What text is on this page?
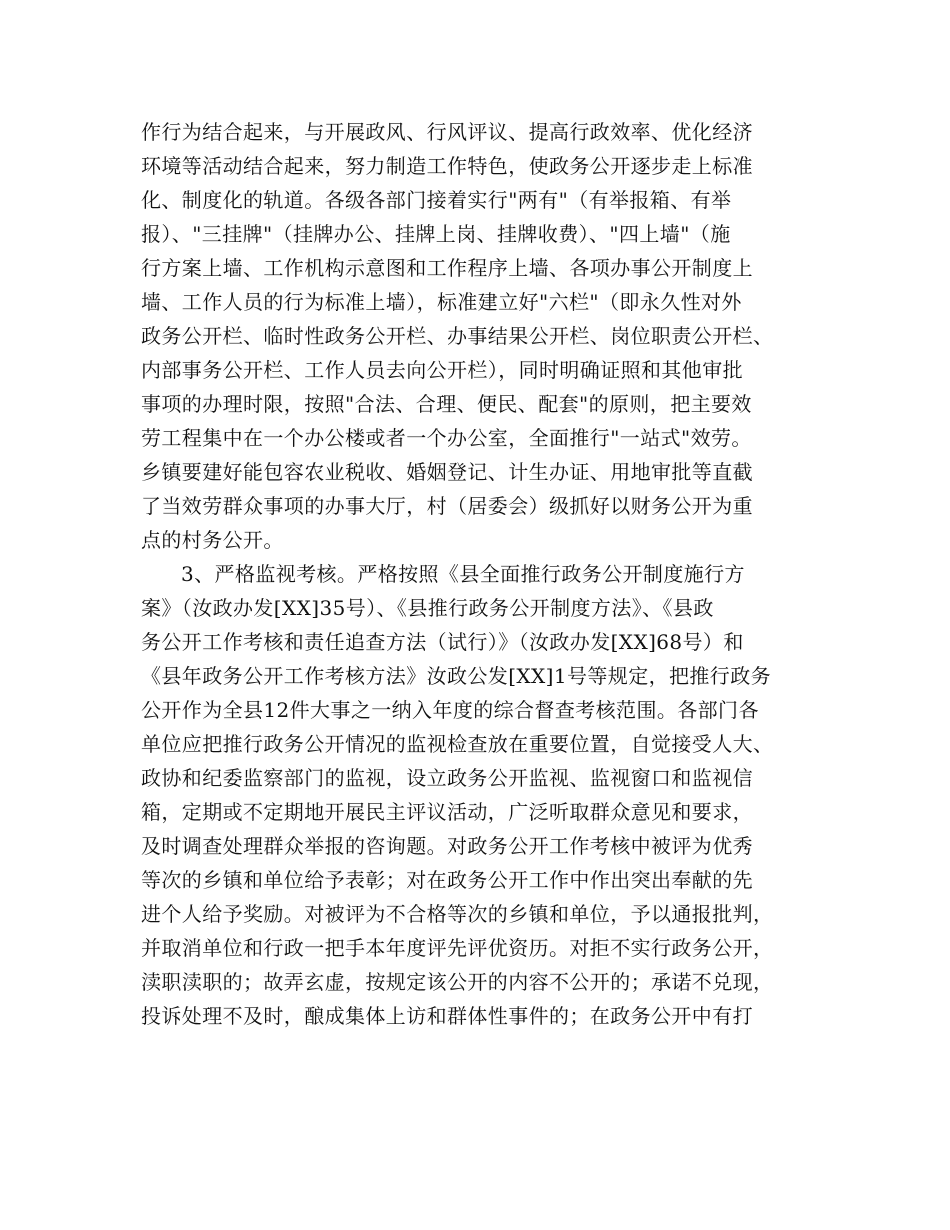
作行为结合起来，与开展政风、行风评议、提高行政效率、优化经济
环境等活动结合起来，努力制造工作特色，使政务公开逐步走上标准
化、制度化的轨道。各级各部门接着实行"两有"（有举报箱、有举
报）、"三挂牌"（挂牌办公、挂牌上岗、挂牌收费）、"四上墙"（施
行方案上墙、工作机构示意图和工作程序上墙、各项办事公开制度上
墙、工作人员的行为标准上墙），标准建立好"六栏"（即永久性对外
政务公开栏、临时性政务公开栏、办事结果公开栏、岗位职责公开栏、
内部事务公开栏、工作人员去向公开栏），同时明确证照和其他审批
事项的办理时限，按照"合法、合理、便民、配套"的原则，把主要效
劳工程集中在一个办公楼或者一个办公室，全面推行"一站式"效劳。
乡镇要建好能包容农业税收、婚姻登记、计生办证、用地审批等直截
了当效劳群众事项的办事大厅，村（居委会）级抓好以财务公开为重
点的村务公开。
3、严格监视考核。严格按照《县全面推行政务公开制度施行方
案》（汝政办发[XX]35号）、《县推行政务公开制度方法》、《县政
务公开工作考核和责任追查方法（试行）》（汝政办发[XX]68号）和
《县年政务公开工作考核方法》汝政公发[XX]1号等规定，把推行政务
公开作为全县12件大事之一纳入年度的综合督查考核范围。各部门各
单位应把推行政务公开情况的监视检查放在重要位置，自觉接受人大、
政协和纪委监察部门的监视，设立政务公开监视、监视窗口和监视信
箱，定期或不定期地开展民主评议活动，广泛听取群众意见和要求，
及时调查处理群众举报的咨询题。对政务公开工作考核中被评为优秀
等次的乡镇和单位给予表彰；对在政务公开工作中作出突出奉献的先
进个人给予奖励。对被评为不合格等次的乡镇和单位，予以通报批判，
并取消单位和行政一把手本年度评先评优资历。对拒不实行政务公开，
渎职渎职的；故弄玄虚，按规定该公开的内容不公开的；承诺不兑现，
投诉处理不及时，酿成集体上访和群体性事件的；在政务公开中有打
